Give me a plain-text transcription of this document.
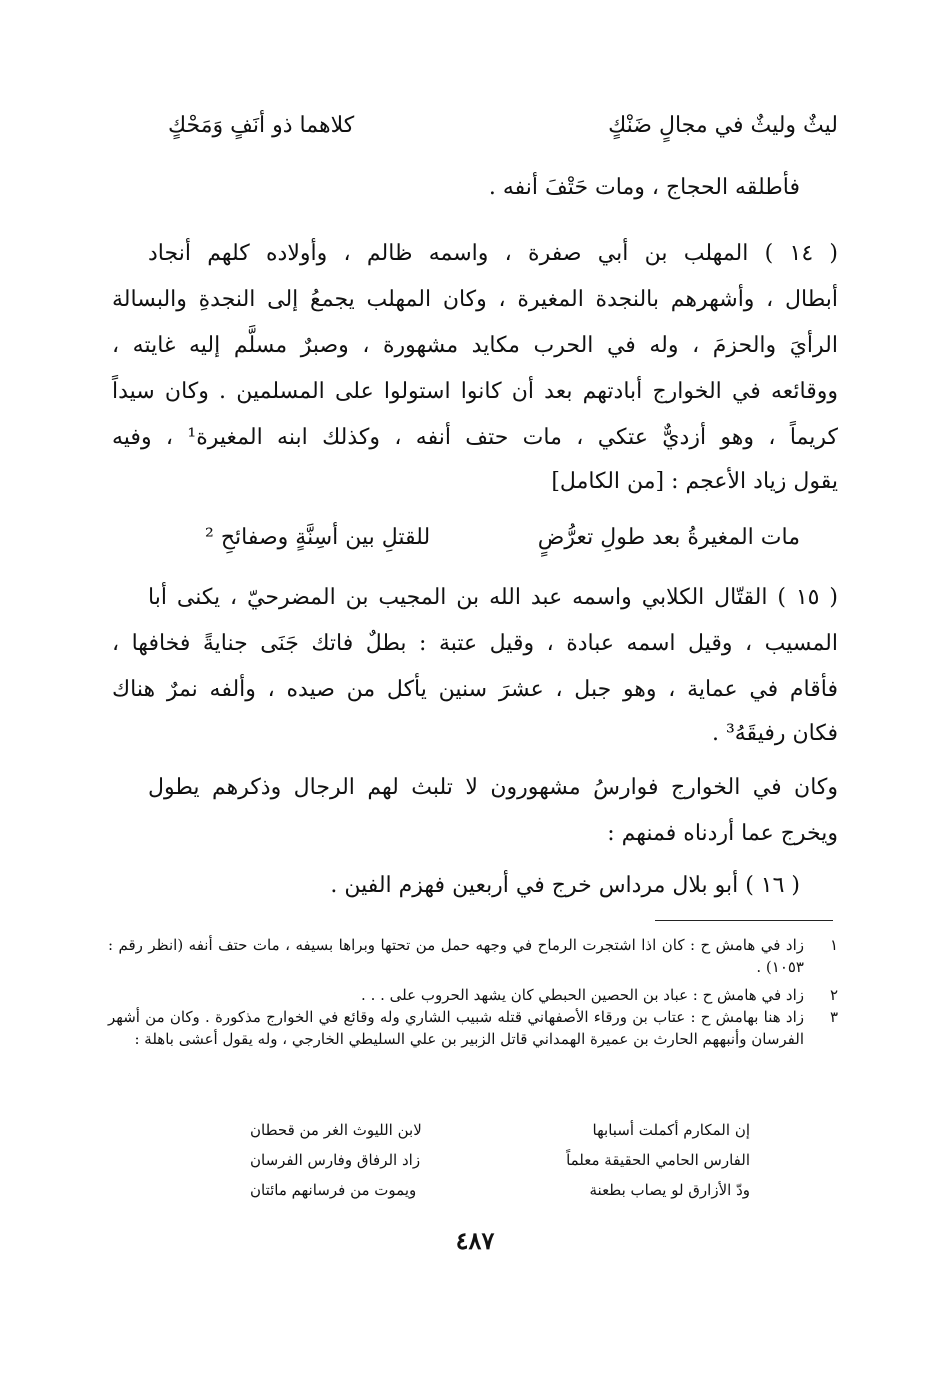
ليثٌ وليثٌ في مجالٍ ضَنْكٍ
كلاهما ذو أنَفٍ وَمَحْكٍ
فأطلقه الحجاج ، ومات حَتْفَ أنفه .
( ١٤ ) المهلب بن أبي صفرة ، واسمه ظالم ، وأولاده كلهم أنجاد
أبطال ، وأشهرهم بالنجدة المغيرة ، وكان المهلب يجمعُ إلى النجدةِ والبسالة
الرأيَ والحزمَ ، وله في الحرب مكايد مشهورة ، وصبرٌ مسلَّم إليه غايته ،
ووقائعه في الخوارج أبادتهم بعد أن كانوا استولوا على المسلمين . وكان سيداً
كريماً ، وهو أزديٌّ عتكي ، مات حتف أنفه ، وكذلك ابنه المغيرة¹ ، وفيه
يقول زياد الأعجم : [من الكامل]
مات المغيرةُ بعد طولِ تعرُّضٍ
للقتلِ بين أسِنَّةٍ وصفائحِ ²
( ١٥ ) القتّال الكلابي واسمه عبد الله بن المجيب بن المضرحيّ ، يكنى أبا
المسيب ، وقيل اسمه عبادة ، وقيل عتبة : بطلٌ فاتك جَنَى جنايةً فخافها ،
فأقام في عماية ، وهو جبل ، عشرَ سنين يأكل من صيده ، وألفه نمرٌ هناك
فكان رفيقَهُ³ .
وكان في الخوارج فوارسُ مشهورون لا تلبث لهم الرجال وذكرهم يطول
ويخرج عما أردناه فمنهم :
( ١٦ ) أبو بلال مرداس خرج في أربعين فهزم الفين .
١
زاد في هامش ح : كان اذا اشتجرت الرماح في وجهه حمل من تحتها وبراها بسيفه ، مات حتف أنفه (انظر رقم : ١٠٥٣) .
٢
زاد في هامش ح : عباد بن الحصين الحبطي كان يشهد الحروب على . . .
٣
زاد هنا بهامش ح : عتاب بن ورقاء الأصفهاني قتله شبيب الشاري وله وقائع في الخوارج مذكورة . وكان من أشهر الفرسان وأنبههم الحارث بن عميرة الهمداني قاتل الزبير بن علي السليطي الخارجي ، وله يقول أعشى باهلة :
إن المكارم أكملت أسبابها
لابن الليوث الغر من قحطان
الفارس الحامي الحقيقة معلماً
زاد الرفاق وفارس الفرسان
ودّ الأزارق لو يصاب بطعنة
ويموت من فرسانهم مائتان
٤٨٧
